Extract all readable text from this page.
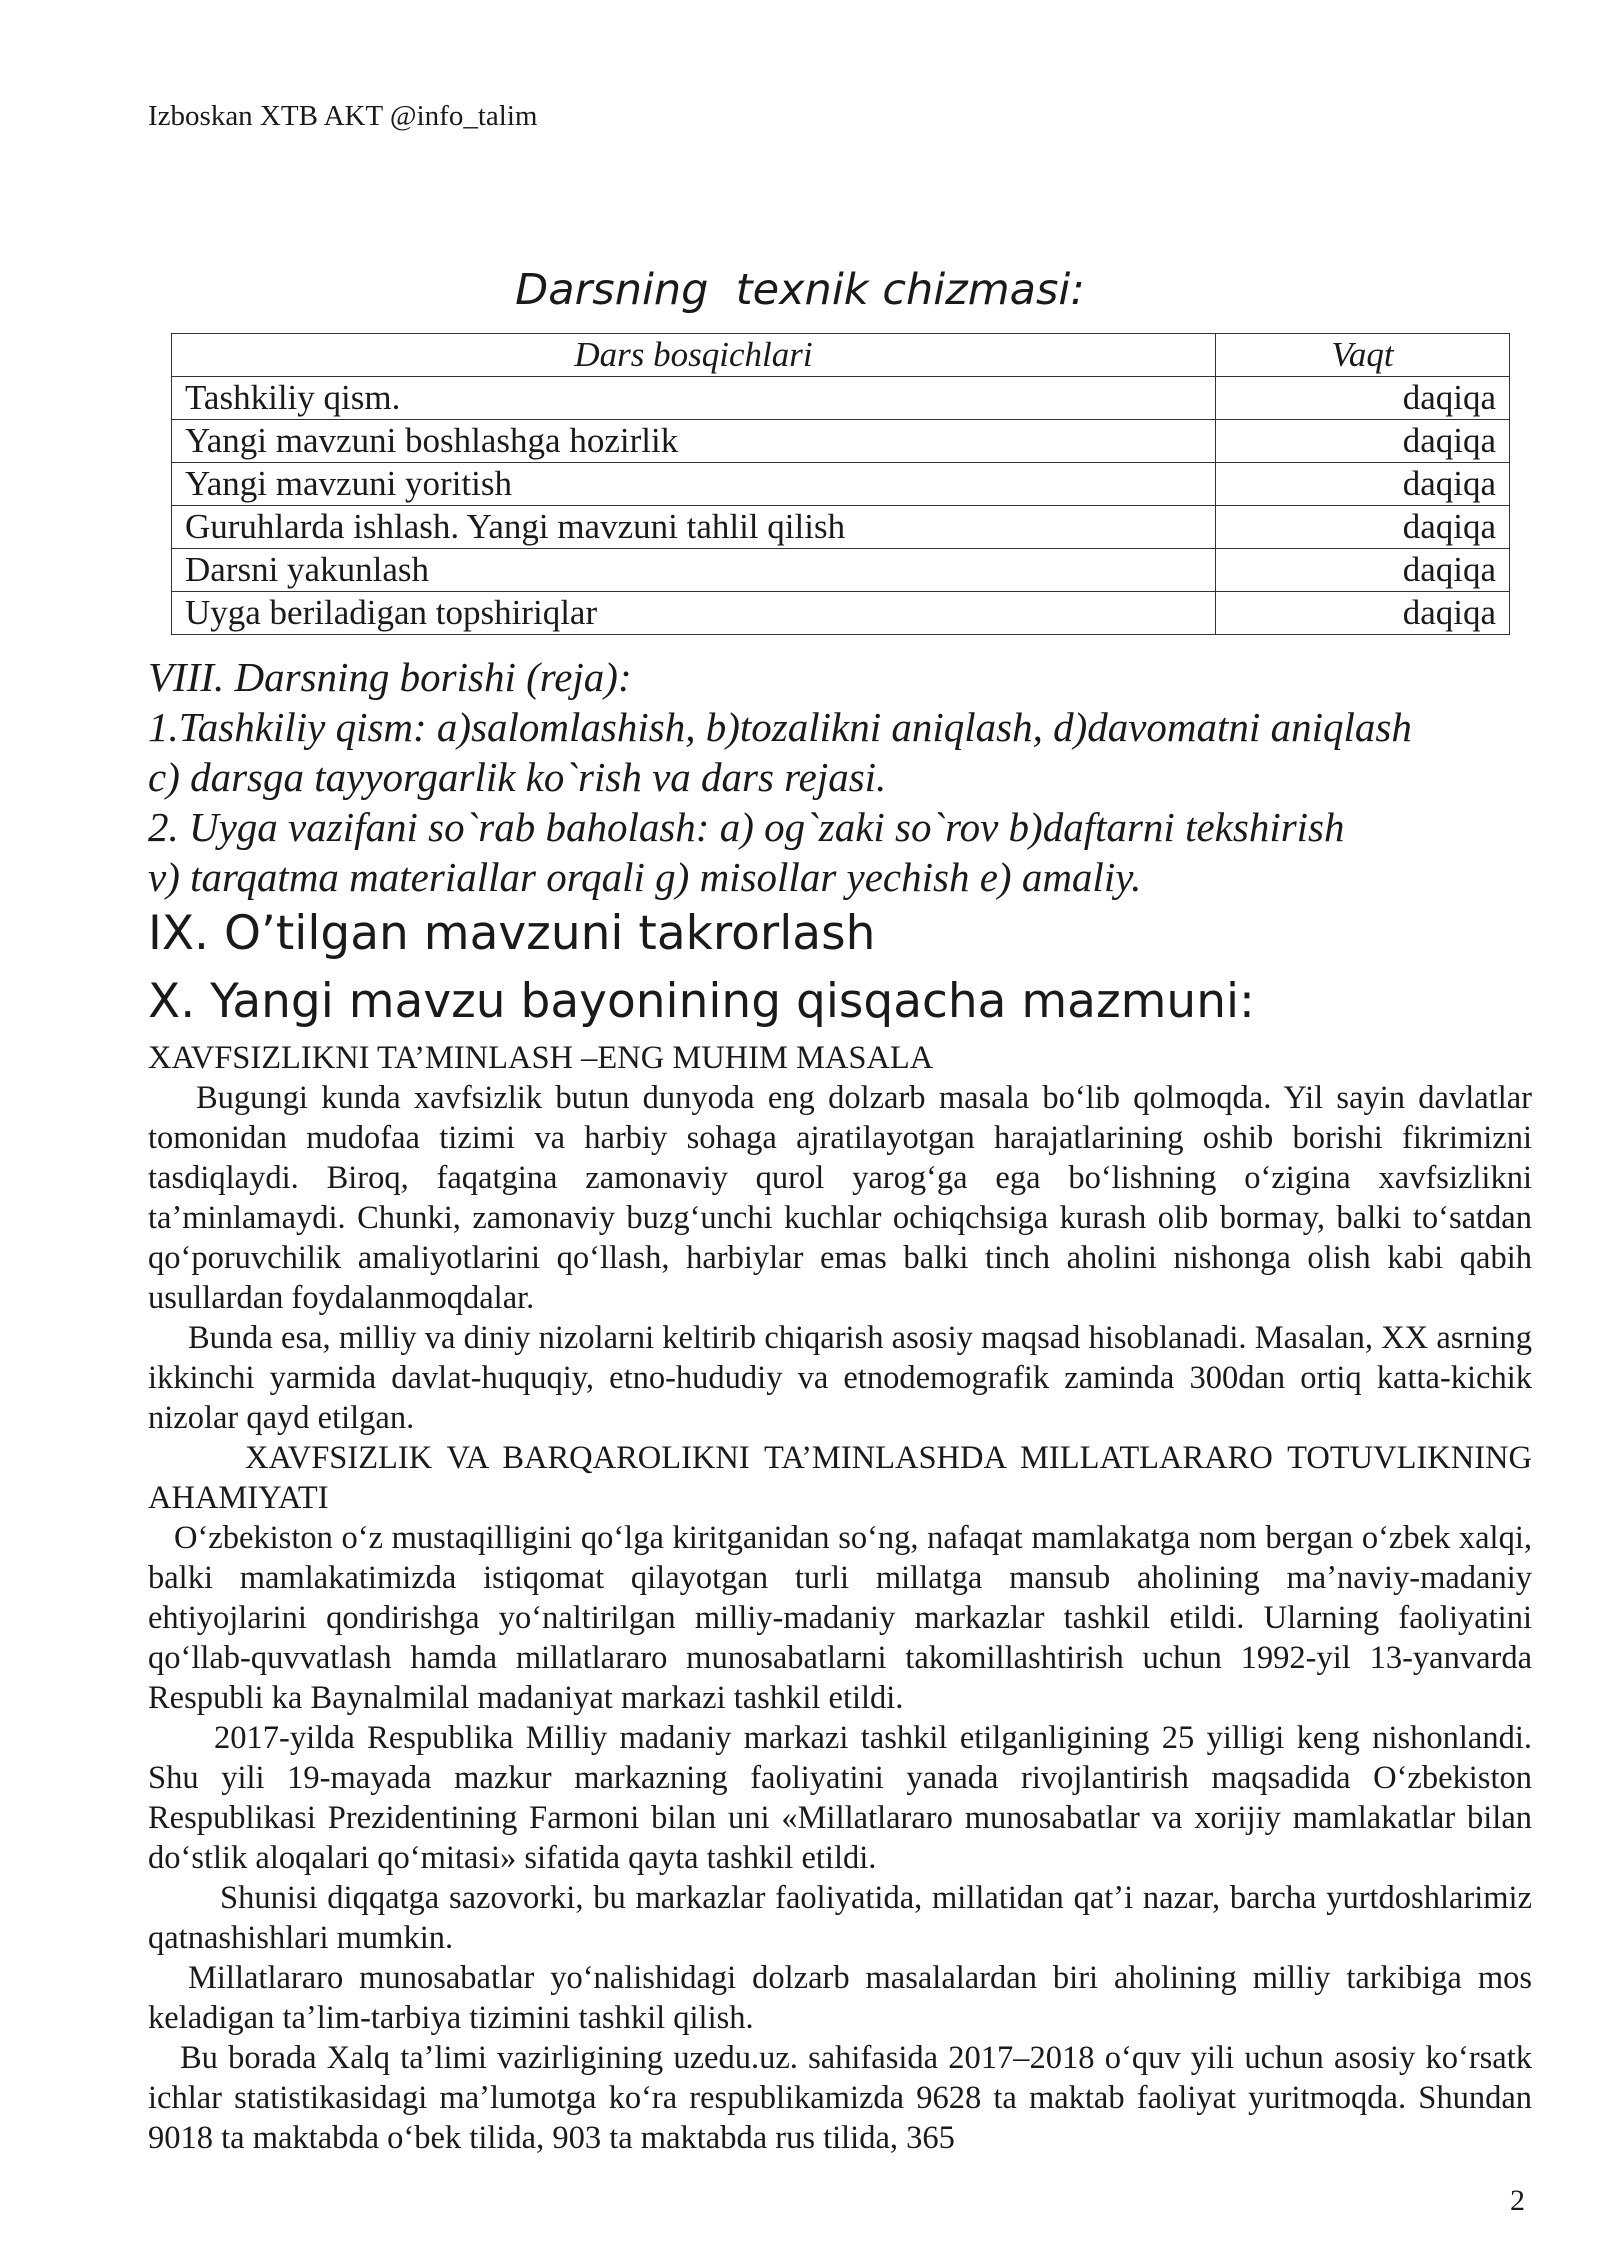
Izboskan XTB AKT @info_talim
Darsning  texnik chizmasi:
Dars bosqichlari	Vaqt
Tashkiliy qism.	daqiqa
Yangi mavzuni boshlashga hozirlik	daqiqa
Yangi mavzuni yoritish	daqiqa
Guruhlarda ishlash. Yangi mavzuni tahlil qilish	daqiqa
Darsni yakunlash	daqiqa
Uyga beriladigan topshiriqlar	daqiqa
VIII. Darsning borishi (reja):
1.Tashkiliy qism: a)salomlashish, b)tozalikni aniqlash, d)davomatni aniqlash
c) darsga tayyorgarlik ko`rish va dars rejasi.
2. Uyga vazifani so`rab baholash: a) og`zaki so`rov b)daftarni tekshirish
v) tarqatma materiallar orqali g) misollar yechish e) amaliy.
IX. O’tilgan mavzuni takrorlash
X. Yangi mavzu bayonining qisqacha mazmuni:

XAVFSIZLIKNI TA’MINLASH –ENG MUHIM MASALA

Bugungi kunda xavfsizlik butun dunyoda eng dolzarb masala boʻlib qolmoqda. Yil sayin davlatlar tomonidan mudofaa tizimi va harbiy sohaga ajratilayotgan harajatlarining oshib borishi fikrimizni tasdiqlaydi. Biroq, faqatgina zamonaviy qurol yarogʻga ega boʻlishning oʻzigina xavfsizlikni taʼminlamaydi. Chunki, zamonaviy buzgʻunchi kuchlar ochiqchsiga kurash olib bormay, balki toʻsatdan qoʻporuvchilik amaliyotlarini qoʻllash, harbiylar emas balki tinch aholini nishonga olish kabi qabih usullardan foydalanmoqdalar.

Bunda esa, milliy va diniy nizolarni keltirib chiqarish asosiy maqsad hisoblanadi. Masalan, XX asrning ikkinchi yarmida davlat-huquqiy, etno-hududiy va etnodemografik zaminda 300dan ortiq katta-kichik nizolar qayd etilgan.

XAVFSIZLIK VA BARQAROLIKNI TA’MINLASHDA MILLATLARARO TOTUVLIKNING AHAMIYATI

Oʻzbekiston oʻz mustaqilligini qoʻlga kiritganidan soʻng, nafaqat mamlakatga nom bergan oʻzbek xalqi, balki mamlakatimizda istiqomat qilayotgan turli millatga mansub aholining maʼnaviy-madaniy ehtiyojlarini qondirishga yoʻnaltirilgan milliy-madaniy markazlar tashkil etildi. Ularning faoliyatini qoʻllab-quvvatlash hamda millatlararo munosabatlarni takomillashtirish uchun 1992-yil 13-yanvarda Respubli ka Baynalmilal madaniyat markazi tashkil etildi.

2017-yilda Respublika Milliy madaniy markazi tashkil etilganligining 25 yilligi keng nishonlandi. Shu yili 19-mayada mazkur markazning faoliyatini yanada rivojlantirish maqsadida Oʻzbekiston Respublikasi Prezidentining Farmoni bilan uni «Millatlararo munosabatlar va xorijiy mamlakatlar bilan doʻstlik aloqalari qoʻmitasi» sifatida qayta tashkil etildi.

Shunisi diqqatga sazovorki, bu markazlar faoliyatida, millatidan qatʼi nazar, barcha yurtdoshlarimiz qatnashishlari mumkin.

Millatlararo munosabatlar yoʻnalishidagi dolzarb masalalardan biri aholining milliy tarkibiga mos keladigan taʼlim-tarbiya tizimini tashkil qilish.

Bu borada Xalq taʼlimi vazirligining uzedu.uz. sahifasida 2017–2018 oʻquv yili uchun asosiy koʻrsatk ichlar statistikasidagi maʼlumotga koʻra respublikamizda 9628 ta maktab faoliyat yuritmoqda. Shundan 9018 ta maktabda oʻbek tilida, 903 ta maktabda rus tilida, 365

2
